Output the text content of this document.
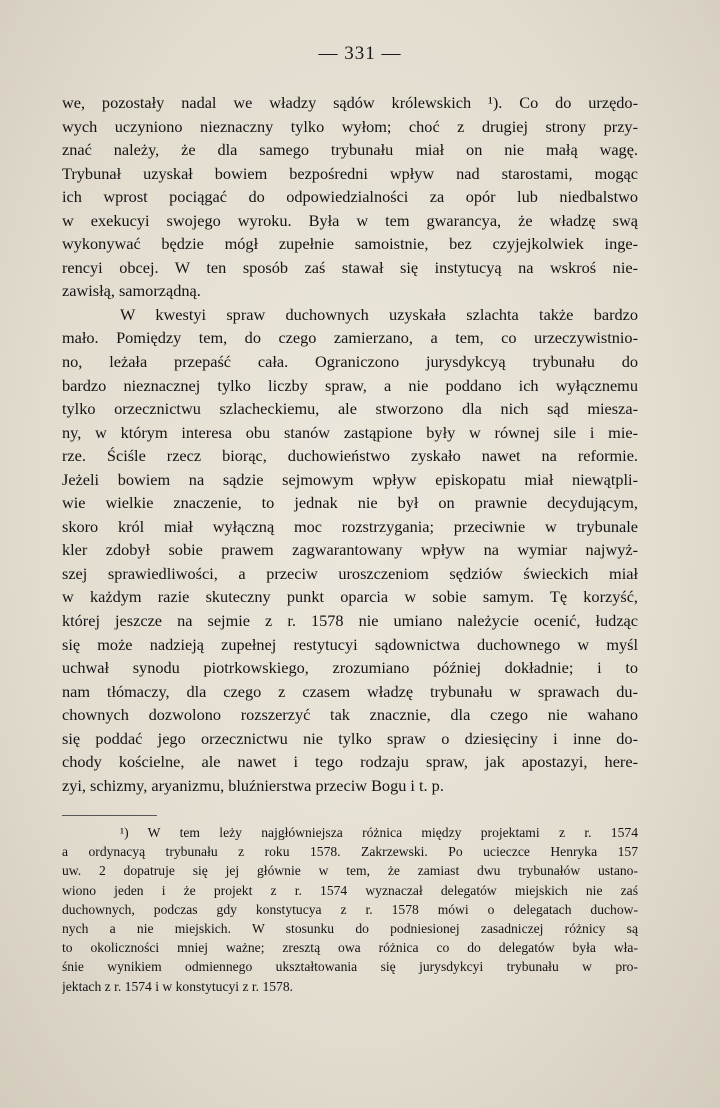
— 331 —
we, pozostały nadal we władzy sądów królewskich ¹). Co do urzędo-
wych uczyniono nieznaczny tylko wyłom; choć z drugiej strony przy-
znać należy, że dla samego trybunału miał on nie małą wagę.
Trybunał uzyskał bowiem bezpośredni wpływ nad starostami, mogąc
ich wprost pociągać do odpowiedzialności za opór lub niedbalstwo
w exekucyi swojego wyroku. Była w tem gwarancya, że władzę swą
wykonywać będzie mógł zupełnie samoistnie, bez czyjejkolwiek inge-
rencyi obcej. W ten sposób zaś stawał się instytucyą na wskroś nie-
zawisłą, samorządną.
W kwestyi spraw duchownych uzyskała szlachta także bardzo
mało. Pomiędzy tem, do czego zamierzano, a tem, co urzeczywistnio-
no, leżała przepaść cała. Ograniczono jurysdykcyą trybunału do
bardzo nieznacznej tylko liczby spraw, a nie poddano ich wyłącznemu
tylko orzecznictwu szlacheckiemu, ale stworzono dla nich sąd miesza-
ny, w którym interesa obu stanów zastąpione były w równej sile i mie-
rze. Ściśle rzecz biorąc, duchowieństwo zyskało nawet na reformie.
Jeżeli bowiem na sądzie sejmowym wpływ episkopatu miał niewątpli-
wie wielkie znaczenie, to jednak nie był on prawnie decydującym,
skoro król miał wyłączną moc rozstrzygania; przeciwnie w trybunale
kler zdobył sobie prawem zagwarantowany wpływ na wymiar najwyż-
szej sprawiedliwości, a przeciw uroszczeniom sędziów świeckich miał
w każdym razie skuteczny punkt oparcia w sobie samym. Tę korzyść,
której jeszcze na sejmie z r. 1578 nie umiano należycie ocenić, łudząc
się może nadzieją zupełnej restytucyi sądownictwa duchownego w myśl
uchwał synodu piotrkowskiego, zrozumiano później dokładnie; i to
nam tłómaczy, dla czego z czasem władzę trybunału w sprawach du-
chownych dozwolono rozszerzyć tak znacznie, dla czego nie wahano
się poddać jego orzecznictwu nie tylko spraw o dziesięciny i inne do-
chody kościelne, ale nawet i tego rodzaju spraw, jak apostazyi, here-
zyi, schizmy, aryanizmu, bluźnierstwa przeciw Bogu i t. p.
¹) W tem leży najgłówniejsza różnica między projektami z r. 1574
a ordynacyą trybunału z roku 1578. Zakrzewski. Po ucieczce Henryka 157
uw. 2 dopatruje się jej głównie w tem, że zamiast dwu trybunałów ustano-
wiono jeden i że projekt z r. 1574 wyznaczał delegatów miejskich nie zaś
duchownych, podczas gdy konstytucya z r. 1578 mówi o delegatach duchow-
nych a nie miejskich. W stosunku do podniesionej zasadniczej różnicy są
to okoliczności mniej ważne; zresztą owa różnica co do delegatów była wła-
śnie wynikiem odmiennego ukształtowania się jurysdykcyi trybunału w pro-
jektach z r. 1574 i w konstytucyi z r. 1578.
